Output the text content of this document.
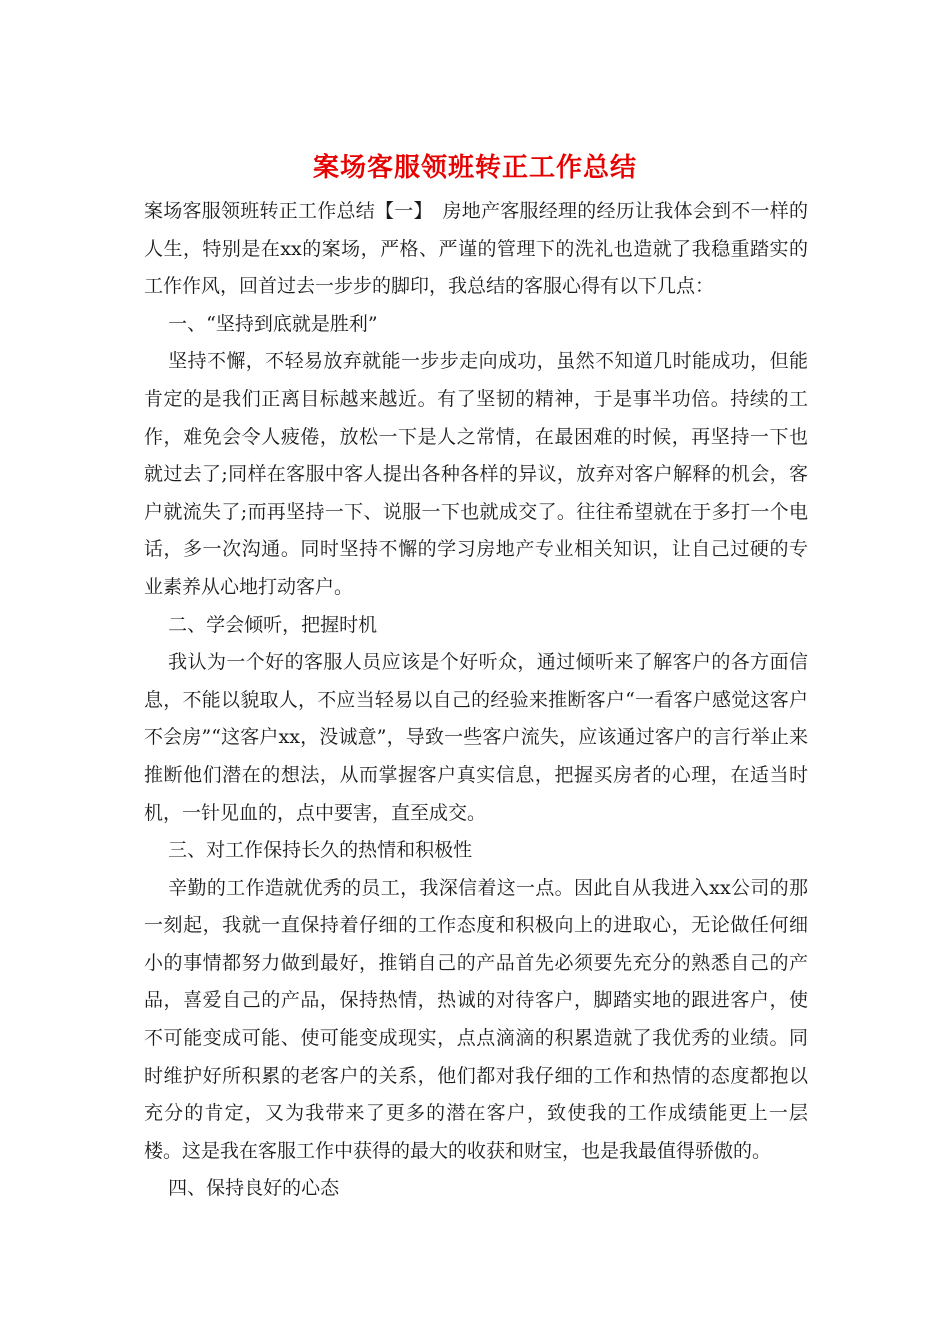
案场客服领班转正工作总结

案场客服领班转正工作总结【一】　房地产客服经理的经历让我体会到不一样的人生，特别是在xx的案场，严格、严谨的管理下的洗礼也造就了我稳重踏实的工作作风，回首过去一步步的脚印，我总结的客服心得有以下几点：

一、“坚持到底就是胜利”

坚持不懈，不轻易放弃就能一步步走向成功，虽然不知道几时能成功，但能肯定的是我们正离目标越来越近。有了坚韧的精神，于是事半功倍。持续的工作，难免会令人疲倦，放松一下是人之常情，在最困难的时候，再坚持一下也就过去了;同样在客服中客人提出各种各样的异议，放弃对客户解释的机会，客户就流失了;而再坚持一下、说服一下也就成交了。往往希望就在于多打一个电话，多一次沟通。同时坚持不懈的学习房地产专业相关知识，让自己过硬的专业素养从心地打动客户。

二、学会倾听，把握时机

我认为一个好的客服人员应该是个好听众，通过倾听来了解客户的各方面信息，不能以貌取人，不应当轻易以自己的经验来推断客户“一看客户感觉这客户不会房”“这客户xx，没诚意”，导致一些客户流失，应该通过客户的言行举止来推断他们潜在的想法，从而掌握客户真实信息，把握买房者的心理，在适当时机，一针见血的，点中要害，直至成交。

三、对工作保持长久的热情和积极性

辛勤的工作造就优秀的员工，我深信着这一点。因此自从我进入xx公司的那一刻起，我就一直保持着仔细的工作态度和积极向上的进取心，无论做任何细小的事情都努力做到最好，推销自己的产品首先必须要先充分的熟悉自己的产品，喜爱自己的产品，保持热情，热诚的对待客户，脚踏实地的跟进客户，使不可能变成可能、使可能变成现实，点点滴滴的积累造就了我优秀的业绩。同时维护好所积累的老客户的关系，他们都对我仔细的工作和热情的态度都抱以充分的肯定，又为我带来了更多的潜在客户，致使我的工作成绩能更上一层楼。这是我在客服工作中获得的最大的收获和财宝，也是我最值得骄傲的。

四、保持良好的心态
